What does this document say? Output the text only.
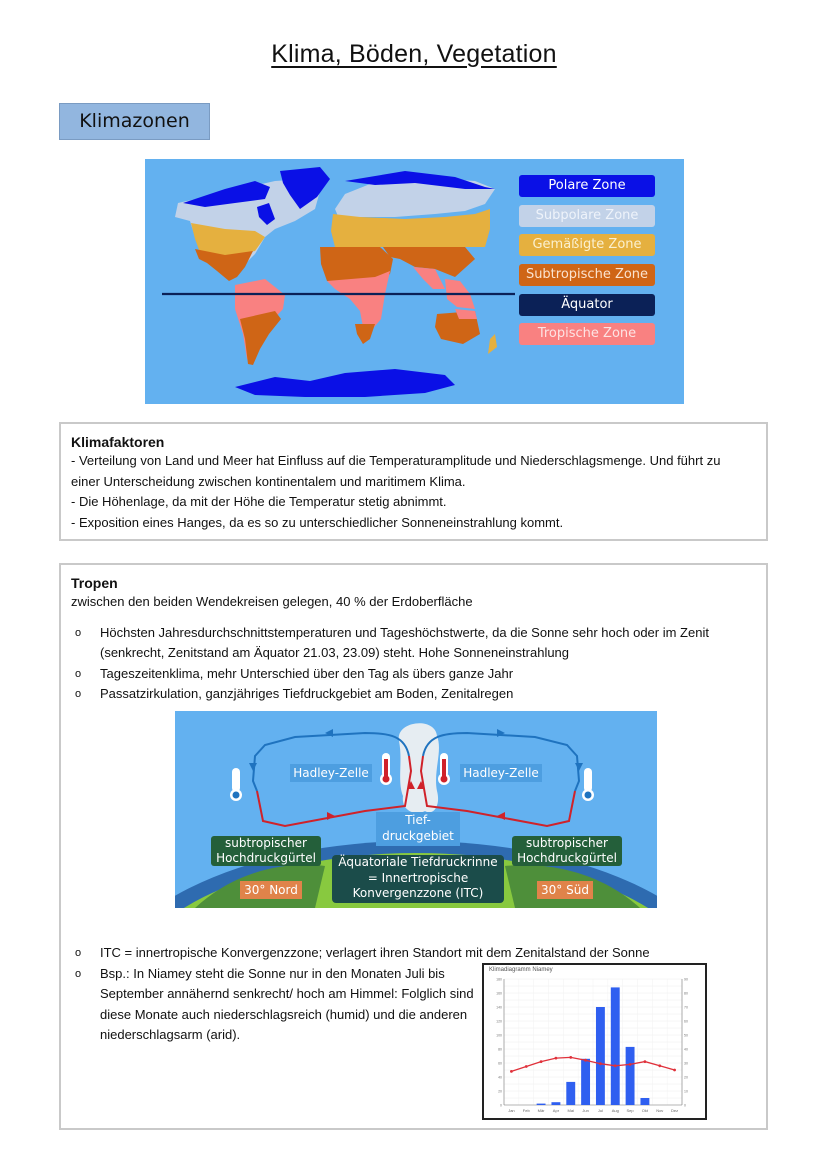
Klima, Böden, Vegetation
Klimazonen
Polare Zone
Subpolare Zone
Gemäßigte Zone
Subtropische Zone
Äquator
Tropische Zone
Klimafaktoren

- Verteilung von Land und Meer hat Einfluss auf die Temperaturamplitude und Niederschlagsmenge. Und führt zu einer Unterscheidung zwischen kontinentalem und maritimem Klima.

- Die Höhenlage, da mit der Höhe die Temperatur stetig abnimmt.

- Exposition eines Hanges, da es so zu unterschiedlicher Sonneneinstrahlung kommt.

Tropen

zwischen den beiden Wendekreisen gelegen, 40 % der Erdoberfläche

o Höchsten Jahresdurchschnittstemperaturen und Tageshöchstwerte, da die Sonne sehr hoch oder im Zenit (senkrecht, Zenitstand am Äquator 21.03, 23.09) steht. Hohe Sonneneinstrahlung
o Tageszeitenklima, mehr Unterschied über den Tag als übers ganze Jahr
o Passatzirkulation, ganzjähriges Tiefdruckgebiet am Boden, Zenitalregen
Hadley-Zelle	Hadley-Zelle
Tief-
druckgebiet
subtropischer
Hochdruckgürtel
subtropischer
Hochdruckgürtel
Äquatoriale Tiefdruckrinne
= Innertropische
Konvergenzzone (ITC)
30° Nord	30° Süd
o ITC = innertropische Konvergenzzone; verlagert ihren Standort mit dem Zenitalstand der Sonne
o Bsp.: In Niamey steht die Sonne nur in den Monaten Juli bis September annähernd senkrecht/ hoch am Himmel: Folglich sind diese Monate auch niederschlagsreich (humid) und die anderen niederschlagsarm (arid).
Klimadiagramm Niamey
Jan Feb Mär Apr Mai Jun Jul Aug Sep Okt Nov Dez
0
20
40
60
80
100
120
140
160
180
0
10
20
30
40
50
60
70
80
90
